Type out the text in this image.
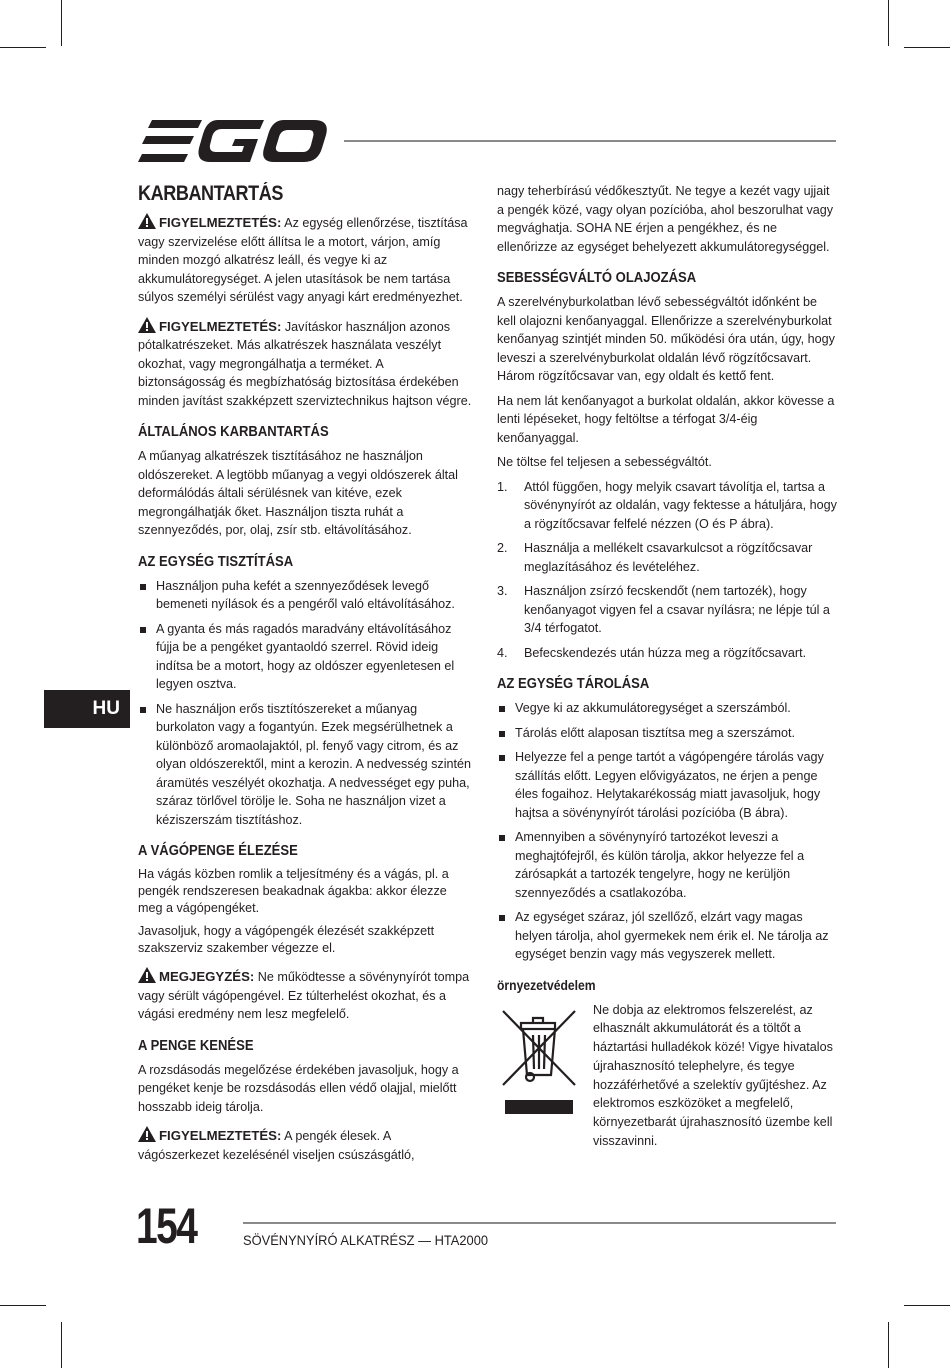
HU
KARBANTARTÁS

FIGYELMEZTETÉS: Az egység ellenőrzése, tisztítása vagy szervizelése előtt állítsa le a motort, várjon, amíg minden mozgó alkatrész leáll, és vegye ki az akkumulátoregységet. A jelen utasítások be nem tartása súlyos személyi sérülést vagy anyagi kárt eredményezhet.

FIGYELMEZTETÉS: Javításkor használjon azonos pótalkatrészeket. Más alkatrészek használata veszélyt okozhat, vagy megrongálhatja a terméket. A biztonságosság és megbízhatóság biztosítása érdekében minden javítást szakképzett szerviztechnikus hajtson végre.

ÁLTALÁNOS KARBANTARTÁS

A műanyag alkatrészek tisztításához ne használjon oldószereket. A legtöbb műanyag a vegyi oldószerek által deformálódás általi sérülésnek van kitéve, ezek megrongálhatják őket. Használjon tiszta ruhát a szennyeződés, por, olaj, zsír stb. eltávolításához.

AZ EGYSÉG TISZTÍTÁSA
Használjon puha kefét a szennyeződések levegő bemeneti nyílások és a pengéről való eltávolításához.
A gyanta és más ragadós maradvány eltávolításához fújja be a pengéket gyantaoldó szerrel. Rövid ideig indítsa be a motort, hogy az oldószer egyenletesen el legyen osztva.
Ne használjon erős tisztítószereket a műanyag burkolaton vagy a fogantyún. Ezek megsérülhetnek a különböző aromaolajaktól, pl. fenyő vagy citrom, és az olyan oldószerektől, mint a kerozin. A nedvesség szintén áramütés veszélyét okozhatja. A nedvességet egy puha, száraz törlővel törölje le. Soha ne használjon vizet a kéziszerszám tisztításhoz.
A VÁGÓPENGE ÉLEZÉSE

Ha vágás közben romlik a teljesítmény és a vágás, pl. a pengék rendszeresen beakadnak ágakba: akkor élezze meg a vágópengéket.

Javasoljuk, hogy a vágópengék élezését szakképzett szakszerviz szakember végezze el.

MEGJEGYZÉS: Ne működtesse a sövénynyírót tompa vagy sérült vágópengével. Ez túlterhelést okozhat, és a vágási eredmény nem lesz megfelelő.

A PENGE KENÉSE

A rozsdásodás megelőzése érdekében javasoljuk, hogy a pengéket kenje be rozsdásodás ellen védő olajjal, mielőtt hosszabb ideig tárolja.

FIGYELMEZTETÉS: A pengék élesek. A vágószerkezet kezelésénél viseljen csúszásgátló,

nagy teherbírású védőkesztyűt. Ne tegye a kezét vagy ujjait a pengék közé, vagy olyan pozícióba, ahol beszorulhat vagy megvághatja. SOHA NE érjen a pengékhez, és ne ellenőrizze az egységet behelyezett akkumulátoregységgel.

SEBESSÉGVÁLTÓ OLAJOZÁSA

A szerelvényburkolatban lévő sebességváltót időnként be kell olajozni kenőanyaggal. Ellenőrizze a szerelvényburkolat kenőanyag szintjét minden 50. működési óra után, úgy, hogy leveszi a szerelvényburkolat oldalán lévő rögzítőcsavart. Három rögzítőcsavar van, egy oldalt és kettő fent.

Ha nem lát kenőanyagot a burkolat oldalán, akkor kövesse a lenti lépéseket, hogy feltöltse a térfogat 3/4-éig kenőanyaggal.

Ne töltse fel teljesen a sebességváltót.

1. Attól függően, hogy melyik csavart távolítja el, tartsa a sövénynyírót az oldalán, vagy fektesse a hátuljára, hogy a rögzítőcsavar felfelé nézzen (O és P ábra).
2. Használja a mellékelt csavarkulcsot a rögzítőcsavar meglazításához és levételéhez.
3. Használjon zsírzó fecskendőt (nem tartozék), hogy kenőanyagot vigyen fel a csavar nyílásra; ne lépje túl a 3/4 térfogatot.
4. Befecskendezés után húzza meg a rögzítőcsavart.
AZ EGYSÉG TÁROLÁSA
Vegye ki az akkumulátoregységet a szerszámból.
Tárolás előtt alaposan tisztítsa meg a szerszámot.
Helyezze fel a penge tartót a vágópengére tárolás vagy szállítás előtt. Legyen elővigyázatos, ne érjen a penge éles fogaihoz. Helytakarékosság miatt javasoljuk, hogy hajtsa a sövénynyírót tárolási pozícióba (B ábra).
Amennyiben a sövénynyíró tartozékot leveszi a meghajtófejről, és külön tárolja, akkor helyezze fel a zárósapkát a tartozék tengelyre, hogy ne kerüljön szennyeződés a csatlakozóba.
Az egységet száraz, jól szellőző, elzárt vagy magas helyen tárolja, ahol gyermekek nem érik el. Ne tárolja az egységet benzin vagy más vegyszerek mellett.
örnyezetvédelem

Ne dobja az elektromos felszerelést, az elhasznált akkumulátorát és a töltőt a háztartási hulladékok közé! Vigye hivatalos újrahasznosító telephelyre, és tegye hozzáférhetővé a szelektív gyűjtéshez. Az elektromos eszközöket a megfelelő, környezetbarát újrahasznosító üzembe kell visszavinni.

154	SÖVÉNYNYÍRÓ ALKATRÉSZ — HTA2000
